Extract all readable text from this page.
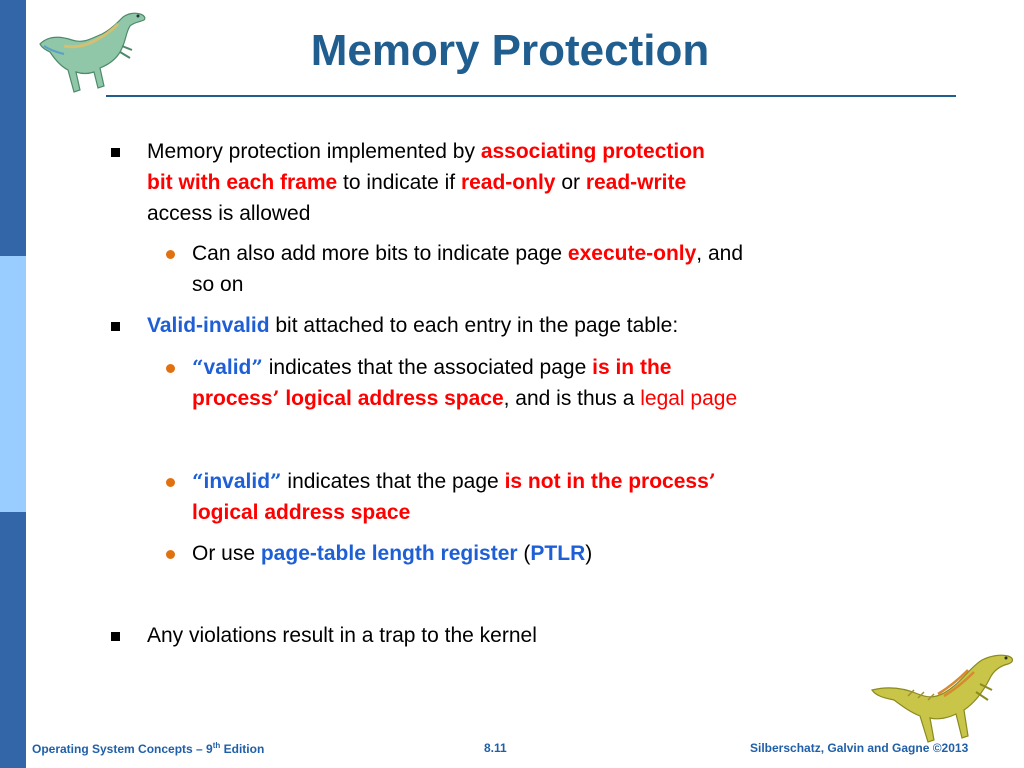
Memory Protection
Memory protection implemented by associating protection
bit with each frame to indicate if read-only or read-write
access is allowed
Can also add more bits to indicate page execute-only, and
so on
Valid-invalid bit attached to each entry in the page table:
“valid” indicates that the associated page is in the
process’ logical address space, and is thus a legal page
“invalid” indicates that the page is not in the process’
logical address space
Or use page-table length register (PTLR)
Any violations result in a trap to the kernel
Operating System Concepts – 9th Edition	8.11	Silberschatz, Galvin and Gagne ©2013
